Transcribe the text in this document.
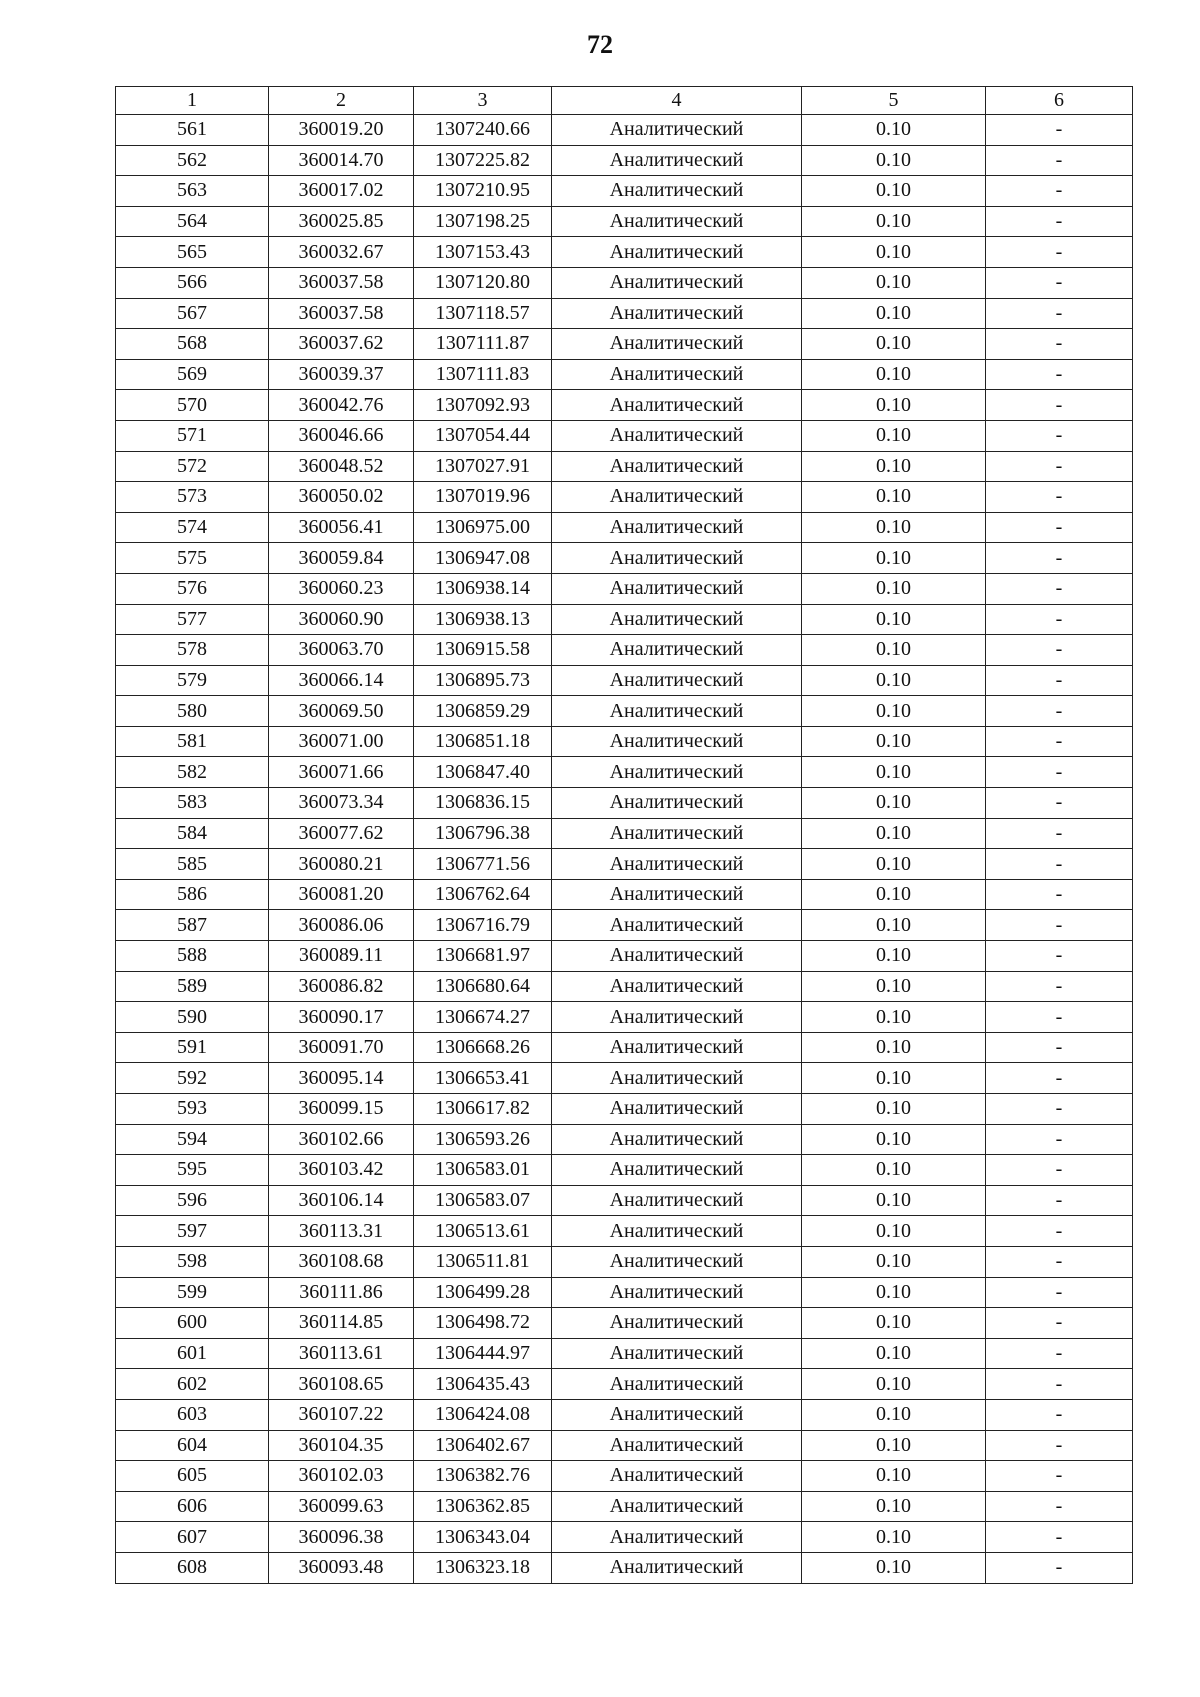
72
1	2	3	4	5	6
561	360019.20	1307240.66	Аналитический	0.10	-
562	360014.70	1307225.82	Аналитический	0.10	-
563	360017.02	1307210.95	Аналитический	0.10	-
564	360025.85	1307198.25	Аналитический	0.10	-
565	360032.67	1307153.43	Аналитический	0.10	-
566	360037.58	1307120.80	Аналитический	0.10	-
567	360037.58	1307118.57	Аналитический	0.10	-
568	360037.62	1307111.87	Аналитический	0.10	-
569	360039.37	1307111.83	Аналитический	0.10	-
570	360042.76	1307092.93	Аналитический	0.10	-
571	360046.66	1307054.44	Аналитический	0.10	-
572	360048.52	1307027.91	Аналитический	0.10	-
573	360050.02	1307019.96	Аналитический	0.10	-
574	360056.41	1306975.00	Аналитический	0.10	-
575	360059.84	1306947.08	Аналитический	0.10	-
576	360060.23	1306938.14	Аналитический	0.10	-
577	360060.90	1306938.13	Аналитический	0.10	-
578	360063.70	1306915.58	Аналитический	0.10	-
579	360066.14	1306895.73	Аналитический	0.10	-
580	360069.50	1306859.29	Аналитический	0.10	-
581	360071.00	1306851.18	Аналитический	0.10	-
582	360071.66	1306847.40	Аналитический	0.10	-
583	360073.34	1306836.15	Аналитический	0.10	-
584	360077.62	1306796.38	Аналитический	0.10	-
585	360080.21	1306771.56	Аналитический	0.10	-
586	360081.20	1306762.64	Аналитический	0.10	-
587	360086.06	1306716.79	Аналитический	0.10	-
588	360089.11	1306681.97	Аналитический	0.10	-
589	360086.82	1306680.64	Аналитический	0.10	-
590	360090.17	1306674.27	Аналитический	0.10	-
591	360091.70	1306668.26	Аналитический	0.10	-
592	360095.14	1306653.41	Аналитический	0.10	-
593	360099.15	1306617.82	Аналитический	0.10	-
594	360102.66	1306593.26	Аналитический	0.10	-
595	360103.42	1306583.01	Аналитический	0.10	-
596	360106.14	1306583.07	Аналитический	0.10	-
597	360113.31	1306513.61	Аналитический	0.10	-
598	360108.68	1306511.81	Аналитический	0.10	-
599	360111.86	1306499.28	Аналитический	0.10	-
600	360114.85	1306498.72	Аналитический	0.10	-
601	360113.61	1306444.97	Аналитический	0.10	-
602	360108.65	1306435.43	Аналитический	0.10	-
603	360107.22	1306424.08	Аналитический	0.10	-
604	360104.35	1306402.67	Аналитический	0.10	-
605	360102.03	1306382.76	Аналитический	0.10	-
606	360099.63	1306362.85	Аналитический	0.10	-
607	360096.38	1306343.04	Аналитический	0.10	-
608	360093.48	1306323.18	Аналитический	0.10	-
